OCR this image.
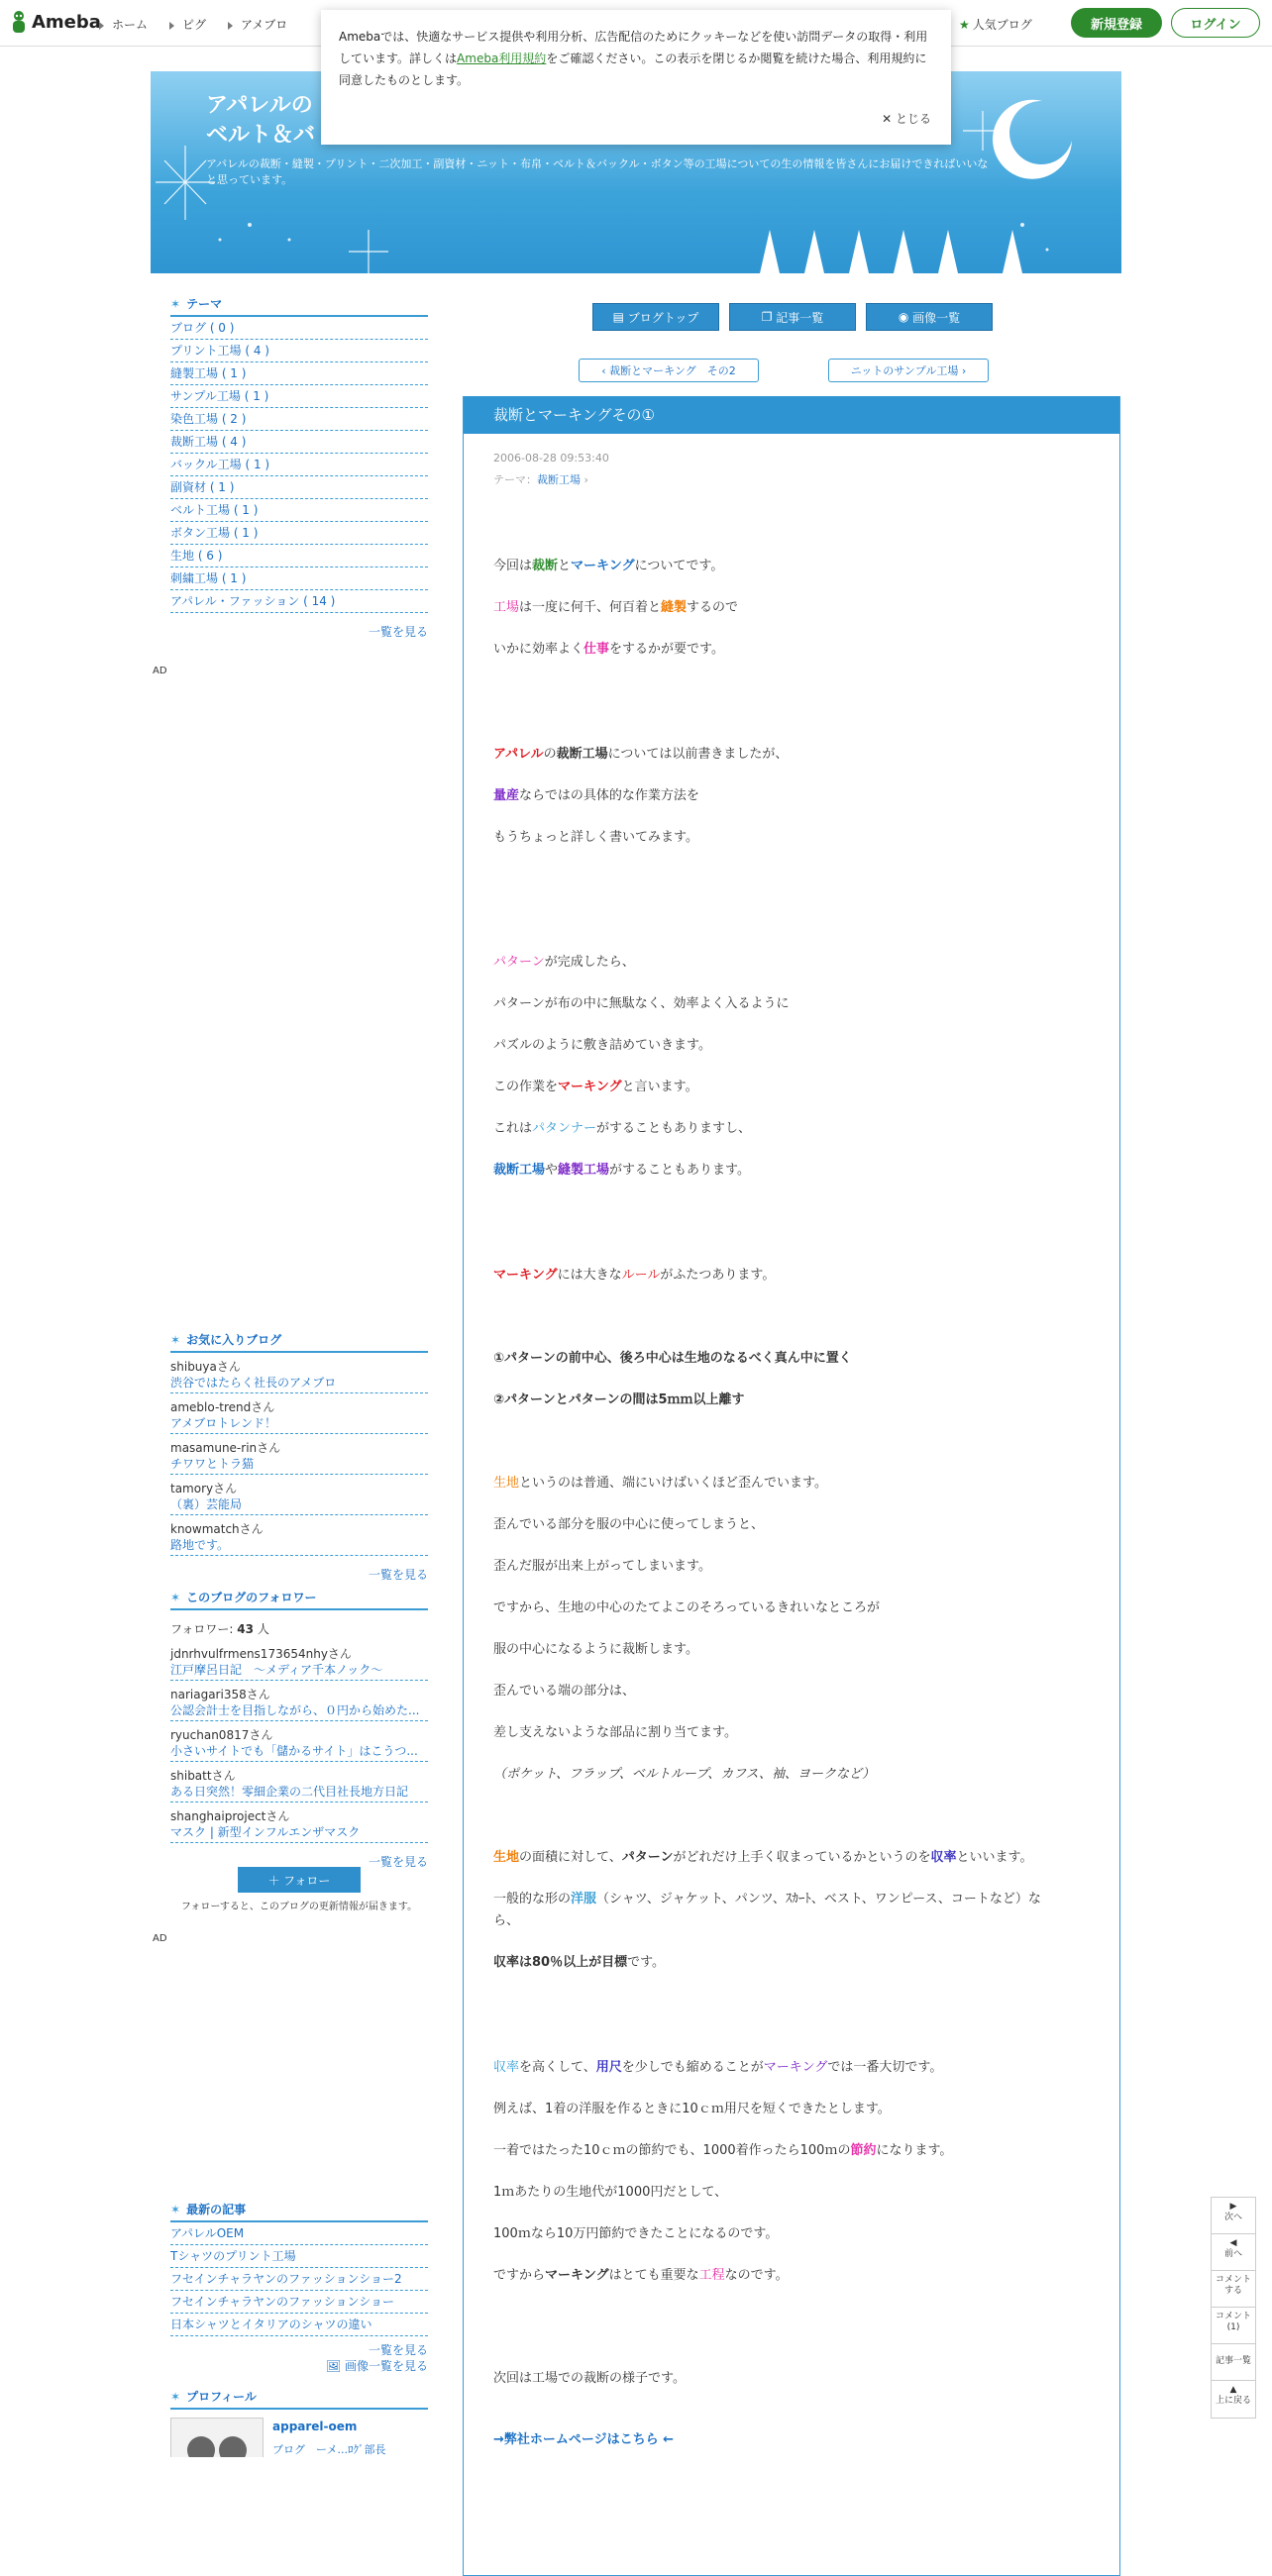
Ameba ホーム	ピグ	アメブロ	★ 人気ブログ	新規登録	ログイン

Amebaでは、快適なサービス提供や利用分析、広告配信のためにクッキーなどを使い訪問データの取得・利用しています。詳しくはAmeba利用規約をご確認ください。この表示を閉じるか閲覧を続けた場合、利用規約に同意したものとします。

✕ とじる
アパレルの
ベルト＆バ
アパレルの裁断・縫製・プリント・二次加工・副資材・ニット・布帛・ベルト＆バックル・ボタン等の工場についての生の情報を皆さんにお届けできればいいなと思っています。
✶ テーマ
ブログ ( 0 )
プリント工場 ( 4 )
縫製工場 ( 1 )
サンプル工場 ( 1 )
染色工場 ( 2 )
裁断工場 ( 4 )
バックル工場 ( 1 )
副資材 ( 1 )
ベルト工場 ( 1 )
ボタン工場 ( 1 )
生地 ( 6 )
刺繍工場 ( 1 )
アパレル・ファッション ( 14 )
一覧を見る
AD
✶ お気に入りブログ
shibuyaさん
渋谷ではたらく社長のアメブロ
ameblo-trendさん
アメブロトレンド！
masamune-rinさん
チワワとトラ猫
tamoryさん
（裏）芸能局
knowmatchさん
路地です。
一覧を見る
✶ このブログのフォロワー
フォロワー: 43 人
jdnrhvulfrmens173654nhyさん
江戸摩呂日記　～メディア千本ノック～
nariagari358さん
公認会計士を目指しながら、０円から始めた...
ryuchan0817さん
小さいサイトでも「儲かるサイト」はこうつ...
shibattさん
ある日突然！零細企業の二代目社長地方日記
shanghaiprojectさん
マスク | 新型インフルエンザマスク
一覧を見る
＋ フォロー
フォローすると、このブログの更新情報が届きます。
AD
✶ 最新の記事
アパレルOEM
Tシャツのプリント工場
フセインチャラヤンのファッションショー2
フセインチャラヤンのファッションショー
日本シャツとイタリアのシャツの違い
一覧を見る
🖼 画像一覧を見る
✶ プロフィール
apparel-oem
ブログ　ーメ...ﾛｸﾞ部長
▤ ブログトップ	❐ 記事一覧	◉ 画像一覧
‹ 裁断とマーキング　その2	ニットのサンプル工場 ›
裁断とマーキングその①
2006-08-28 09:53:40
テーマ：裁断工場 ›
今回は裁断とマーキングについてです。
工場は一度に何千、何百着と縫製するので
いかに効率よく仕事をするかが要です。
アパレルの裁断工場については以前書きましたが、
量産ならではの具体的な作業方法を
もうちょっと詳しく書いてみます。
パターンが完成したら、
パターンが布の中に無駄なく、効率よく入るように
パズルのように敷き詰めていきます。
この作業をマーキングと言います。
これはパタンナーがすることもありますし、
裁断工場や縫製工場がすることもあります。
マーキングには大きなルールがふたつあります。
①パターンの前中心、後ろ中心は生地のなるべく真ん中に置く
②パターンとパターンの間は5ｍｍ以上離す
生地というのは普通、端にいけばいくほど歪んでいます。
歪んでいる部分を服の中心に使ってしまうと、
歪んだ服が出来上がってしまいます。
ですから、生地の中心のたてよこのそろっているきれいなところが
服の中心になるように裁断します。
歪んでいる端の部分は、
差し支えないような部品に割り当てます。
（ポケット、フラップ、ベルトループ、カフス、袖、ヨークなど）
生地の面積に対して、パターンがどれだけ上手く収まっているかというのを収率といいます。
一般的な形の洋服（シャツ、ジャケット、パンツ、ｽｶｰﾄ、ベスト、ワンピース、コートなど）な
ら、
収率は80％以上が目標です。
収率を高くして、用尺を少しでも縮めることがマーキングでは一番大切です。
例えば、1着の洋服を作るときに10ｃｍ用尺を短くできたとします。
一着ではたった10ｃｍの節約でも、1000着作ったら100ｍの節約になります。
1ｍあたりの生地代が1000円だとして、
100ｍなら10万円節約できたことになるのです。
ですからマーキングはとても重要な工程なのです。
次回は工場での裁断の様子です。
→弊社ホームページはこちら ←
▶
次へ
◀
前へ
コメントする
コメント(1)
記事一覧
▲
上に戻る
